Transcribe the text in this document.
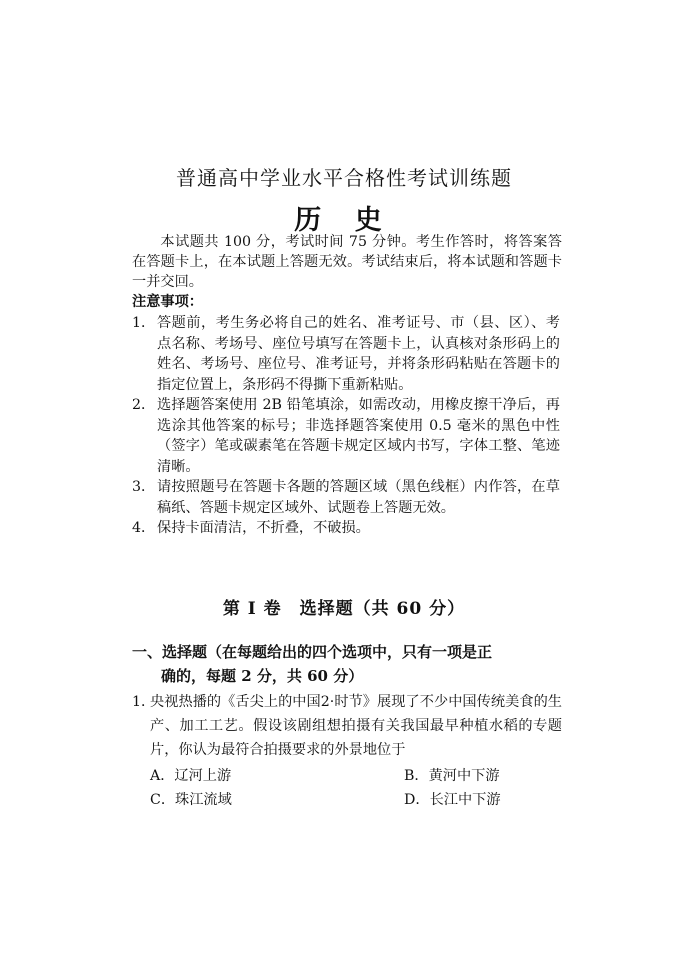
普通高中学业水平合格性考试训练题
历 史
本试题共 100 分，考试时间 75 分钟。考生作答时，将答案答在答题卡上，在本试题上答题无效。考试结束后，将本试题和答题卡一并交回。
注意事项：
1． 答题前，考生务必将自己的姓名、准考证号、市（县、区）、考点名称、考场号、座位号填写在答题卡上，认真核对条形码上的姓名、考场号、座位号、准考证号，并将条形码粘贴在答题卡的指定位置上，条形码不得撕下重新粘贴。
2． 选择题答案使用 2B 铅笔填涂，如需改动，用橡皮擦干净后，再选涂其他答案的标号；非选择题答案使用 0.5 毫米的黑色中性（签字）笔或碳素笔在答题卡规定区域内书写，字体工整、笔迹清晰。
3． 请按照题号在答题卡各题的答题区域（黑色线框）内作答，在草稿纸、答题卡规定区域外、试题卷上答题无效。
4． 保持卡面清洁，不折叠，不破损。
第 I 卷　选择题（共 60 分）
一、选择题（在每题给出的四个选项中，只有一项是正
确的，每题 2 分，共 60 分）
1．
央视热播的《舌尖上的中国2·时节》展现了不少中国传统美食的生产、加工工艺。假设该剧组想拍摄有关我国最早种植水稻的专题片，你认为最符合拍摄要求的外景地位于
A．辽河上游	B．黄河中下游
C．珠江流域	D．长江中下游
